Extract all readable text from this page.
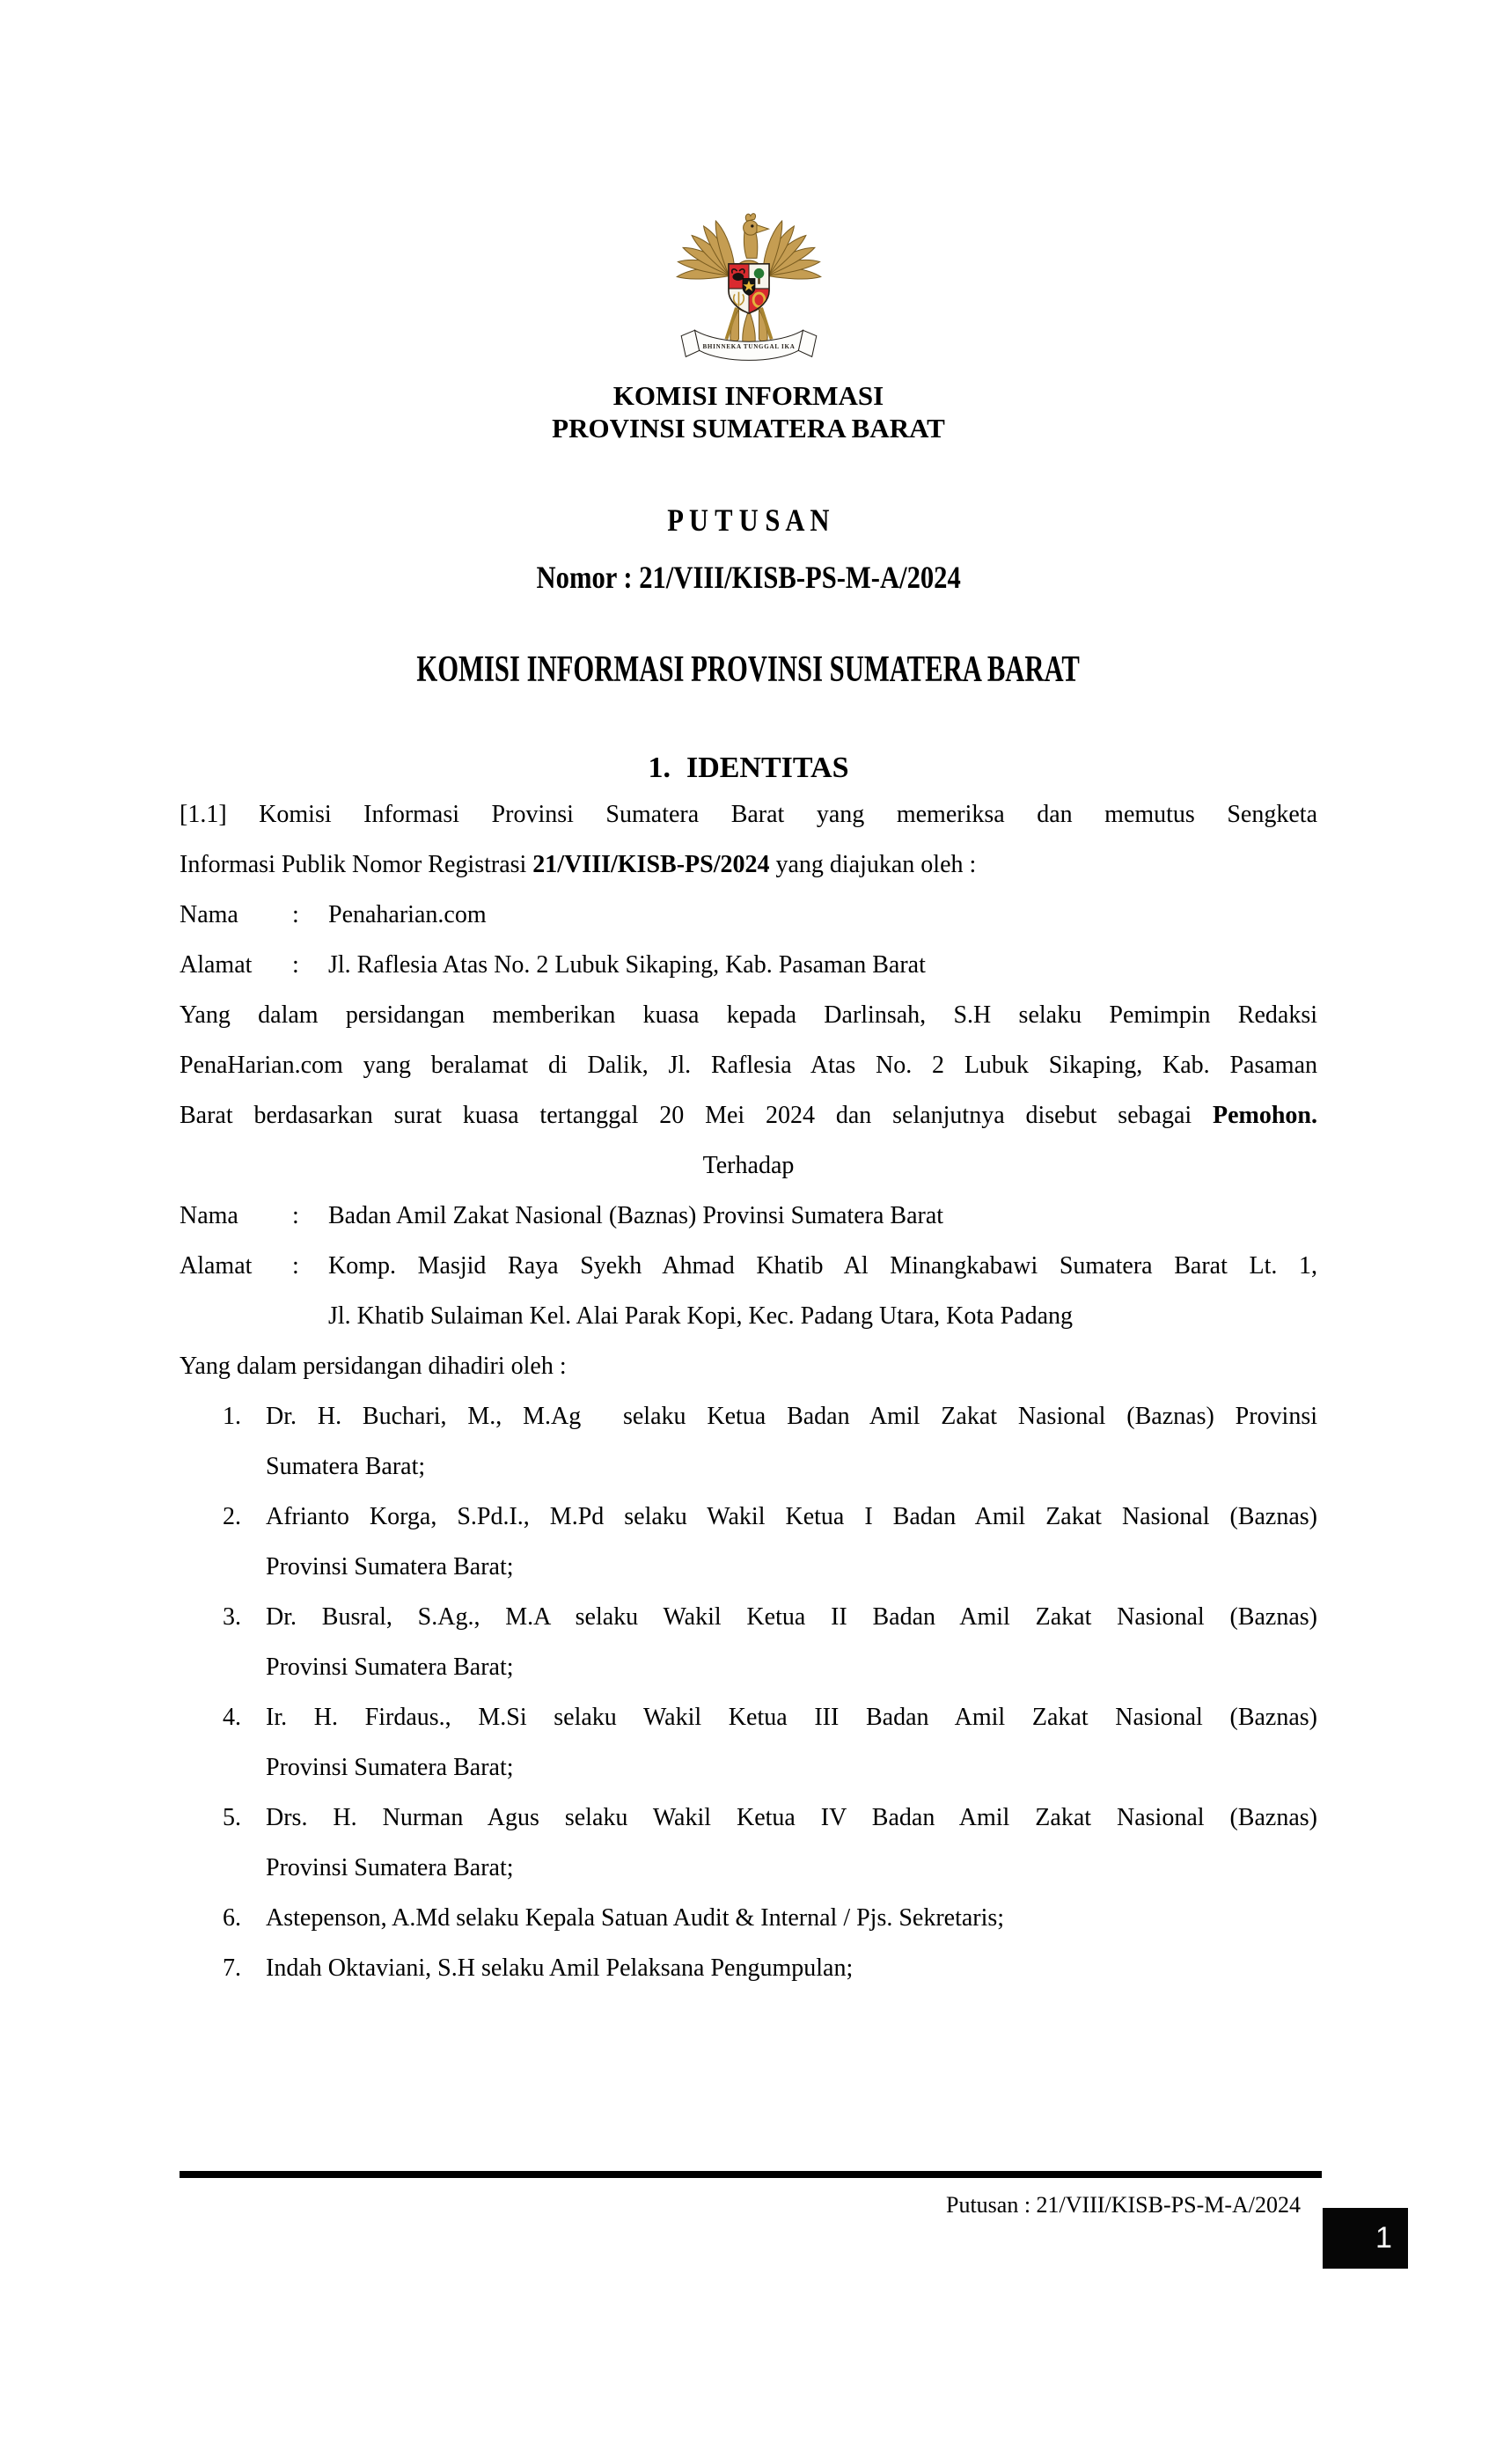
BHINNEKA TUNGGAL IKA
KOMISI INFORMASI
PROVINSI SUMATERA BARAT
P U T U S A N
Nomor : 21/VIII/KISB-PS-M-A/2024
KOMISI INFORMASI PROVINSI SUMATERA BARAT
1. IDENTITAS
[1.1] Komisi Informasi Provinsi Sumatera Barat yang memeriksa dan memutus Sengketa
Informasi Publik Nomor Registrasi 21/VIII/KISB-PS/2024 yang diajukan oleh :
Nama : Penaharian.com
Alamat : Jl. Raflesia Atas No. 2 Lubuk Sikaping, Kab. Pasaman Barat
Yang dalam persidangan memberikan kuasa kepada Darlinsah, S.H selaku Pemimpin Redaksi
PenaHarian.com yang beralamat di Dalik, Jl. Raflesia Atas No. 2 Lubuk Sikaping, Kab. Pasaman
Barat berdasarkan surat kuasa tertanggal 20 Mei 2024 dan selanjutnya disebut sebagai Pemohon.
Terhadap
Nama : Badan Amil Zakat Nasional (Baznas) Provinsi Sumatera Barat
Alamat : Komp. Masjid Raya Syekh Ahmad Khatib Al Minangkabawi Sumatera Barat Lt. 1,
Jl. Khatib Sulaiman Kel. Alai Parak Kopi, Kec. Padang Utara, Kota Padang
Yang dalam persidangan dihadiri oleh :
1. Dr. H. Buchari, M., M.Ag  selaku Ketua Badan Amil Zakat Nasional (Baznas) Provinsi
Sumatera Barat;
2. Afrianto Korga, S.Pd.I., M.Pd selaku Wakil Ketua I Badan Amil Zakat Nasional (Baznas)
Provinsi Sumatera Barat;
3. Dr. Busral, S.Ag., M.A selaku Wakil Ketua II Badan Amil Zakat Nasional (Baznas)
Provinsi Sumatera Barat;
4. Ir. H. Firdaus., M.Si selaku Wakil Ketua III Badan Amil Zakat Nasional (Baznas)
Provinsi Sumatera Barat;
5. Drs. H. Nurman Agus selaku Wakil Ketua IV Badan Amil Zakat Nasional (Baznas)
Provinsi Sumatera Barat;
6. Astepenson, A.Md selaku Kepala Satuan Audit & Internal / Pjs. Sekretaris;
7. Indah Oktaviani, S.H selaku Amil Pelaksana Pengumpulan;
Putusan : 21/VIII/KISB-PS-M-A/2024
1
